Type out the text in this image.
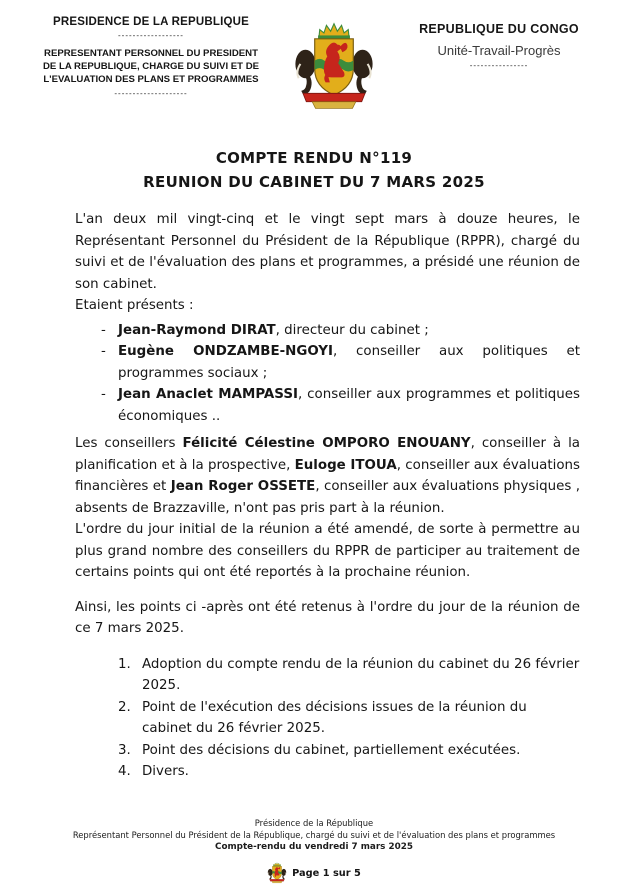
PRESIDENCE DE LA REPUBLIQUE
------------------
REPRESENTANT PERSONNEL DU PRESIDENT
DE LA REPUBLIQUE, CHARGE DU SUIVI ET DE
L'EVALUATION DES PLANS ET PROGRAMMES
--------------------
REPUBLIQUE DU CONGO
Unité-Travail-Progrès
----------------
COMPTE RENDU N°119
REUNION DU CABINET DU 7 MARS 2025

L'an deux mil vingt-cinq et le vingt sept mars à douze heures, le Représentant Personnel du Président de la République (RPPR), chargé du suivi et de l'évaluation des plans et programmes, a présidé une réunion de son cabinet.

Etaient présents :

- Jean-Raymond DIRAT, directeur du cabinet ;
- Eugène ONDZAMBE-NGOYI, conseiller aux politiques et programmes sociaux ;
- Jean Anaclet MAMPASSI, conseiller aux programmes et politiques économiques ..

Les conseillers Félicité Célestine OMPORO ENOUANY, conseiller à la planification et à la prospective, Euloge ITOUA, conseiller aux évaluations financières et Jean Roger OSSETE, conseiller aux évaluations physiques , absents de Brazzaville, n'ont pas pris part à la réunion.

L'ordre du jour initial de la réunion a été amendé, de sorte à permettre au plus grand nombre des conseillers du RPPR de participer au traitement de certains points qui ont été reportés à la prochaine réunion.

Ainsi, les points ci -après ont été retenus à l'ordre du jour de la réunion de ce 7 mars 2025.

1. Adoption du compte rendu de la réunion du cabinet du 26 février 2025.
2. Point de l'exécution des décisions issues de la réunion du cabinet du 26 février 2025.
3. Point des décisions du cabinet, partiellement exécutées.
4. Divers.
Présidence de la République
Représentant Personnel du Président de la République, chargé du suivi et de l'évaluation des plans et programmes
Compte-rendu du vendredi 7 mars 2025
Page 1 sur 5
